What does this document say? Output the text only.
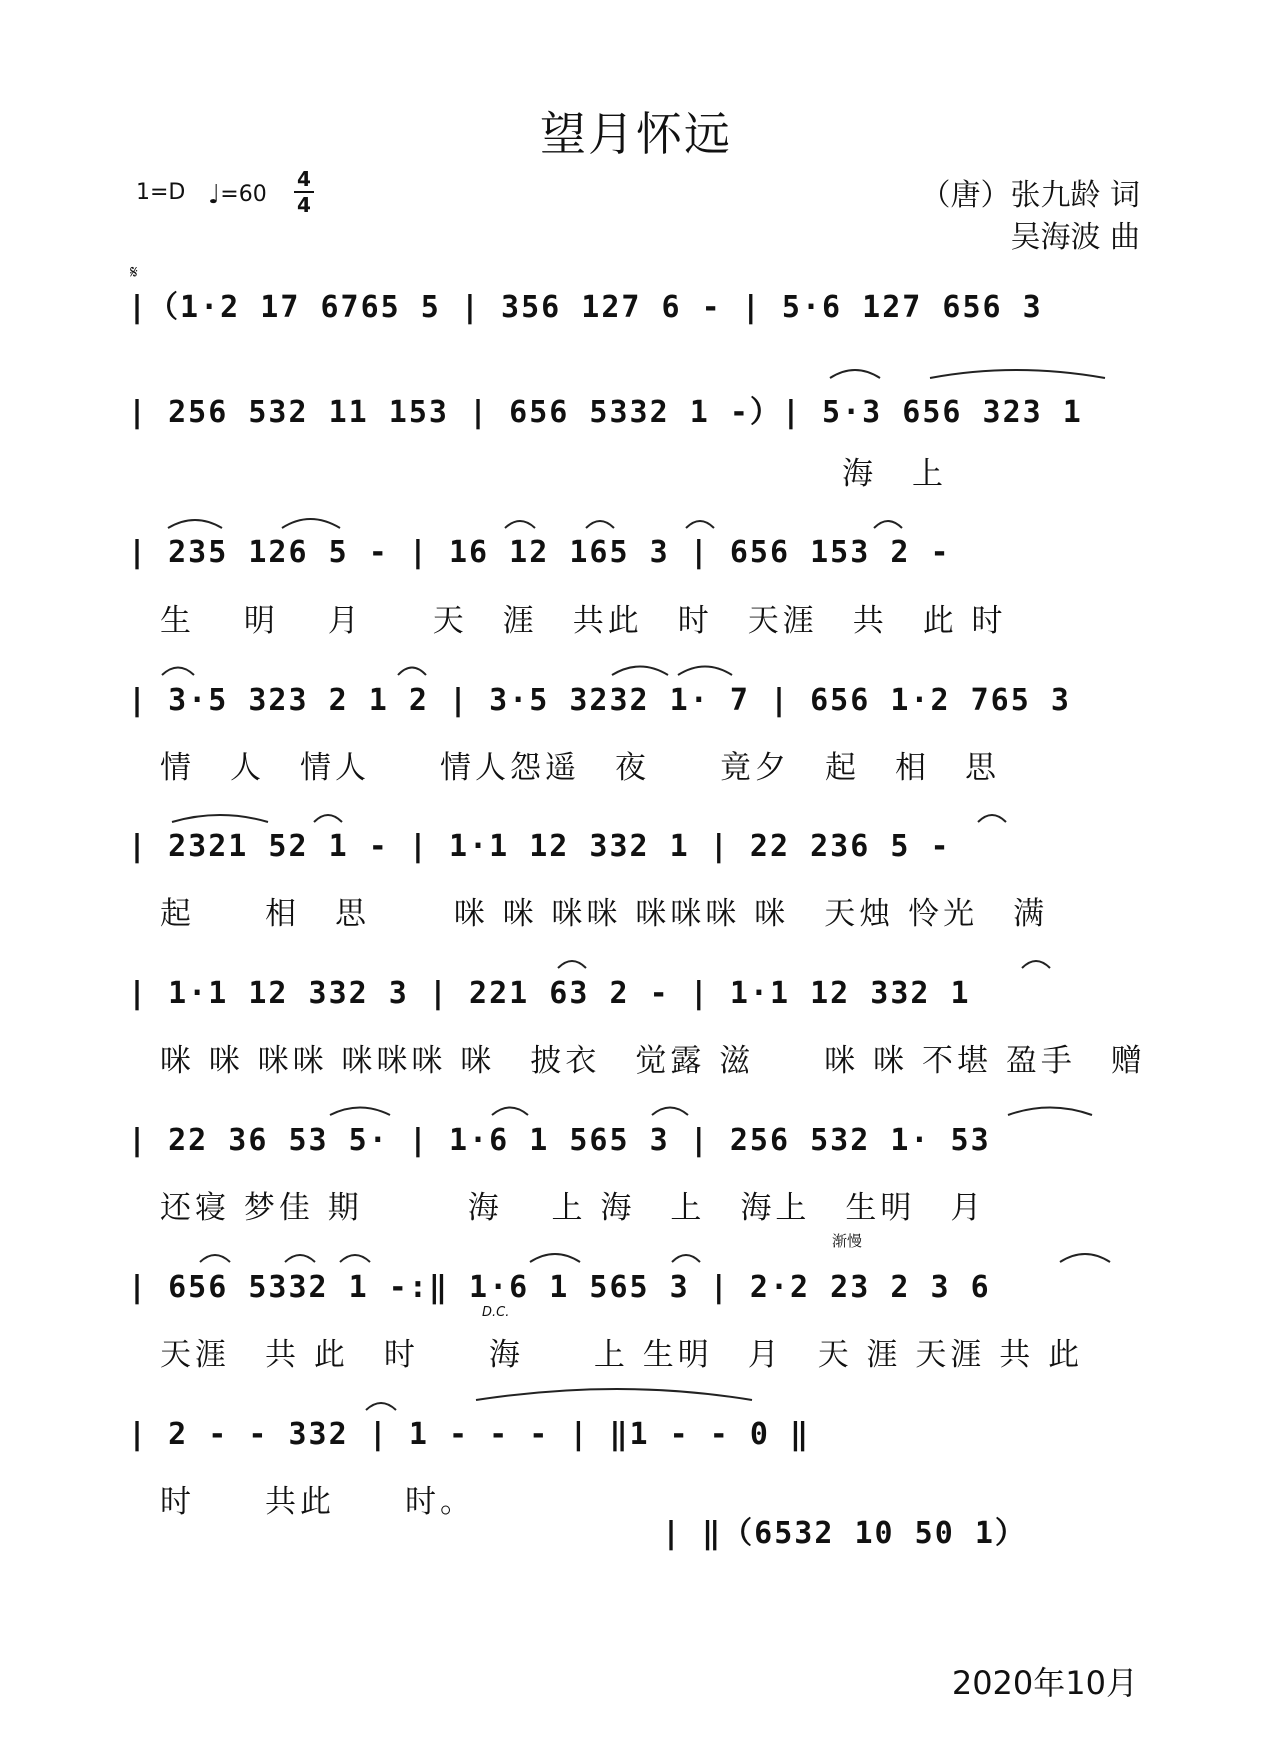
望月怀远
1=D ♩=60
4
4	（唐）张九龄 词
吴海波 曲
𝄋
|（1·2 17 6765 5 | 356 127 6 - | 5·6 127 656 3
| 256 532 11 153 | 656 5332 1 -）| 5·3 656 323 1
| 235 126 5 - | 16 12 165 3 | 656 153 2 -
| 3·5 323 2 1 2 | 3·5 3232 1· 7 | 656 1·2 765 3
| 2321 52 1 - | 1·1 12 332 1 | 22 236 5 -
| 1·1 12 332 3 | 221 63 2 - | 1·1 12 332 1
| 22 36 53 5· | 1·6 1 565 3 | 256 532 1· 53
| 656 5332 1 -:‖ 1·6 1 565 3 | 2·2 23 2 3 6
| 2 - - 332 | 1 - - - | ‖1 - - 0 ‖
| ‖（6532 10 50 1）
海　上
生　 明　 月　　天　涯　共此　时　天涯　共　此 时
情　人　情人　　情人怨遥　夜　　竟夕　起　相　思
起　　相　思　　 咪 咪 咪咪 咪咪咪 咪　天烛 怜光　满
咪 咪 咪咪 咪咪咪 咪　披衣　觉露 滋　　咪 咪 不堪 盈手　赠
还寝 梦佳 期　　　海　 上 海　上　海上　生明　月
天涯　共 此　时　　海　　上 生明　月　天 涯 天涯 共 此
时　　共此　　时。
渐慢
D.C.
2020年10月
